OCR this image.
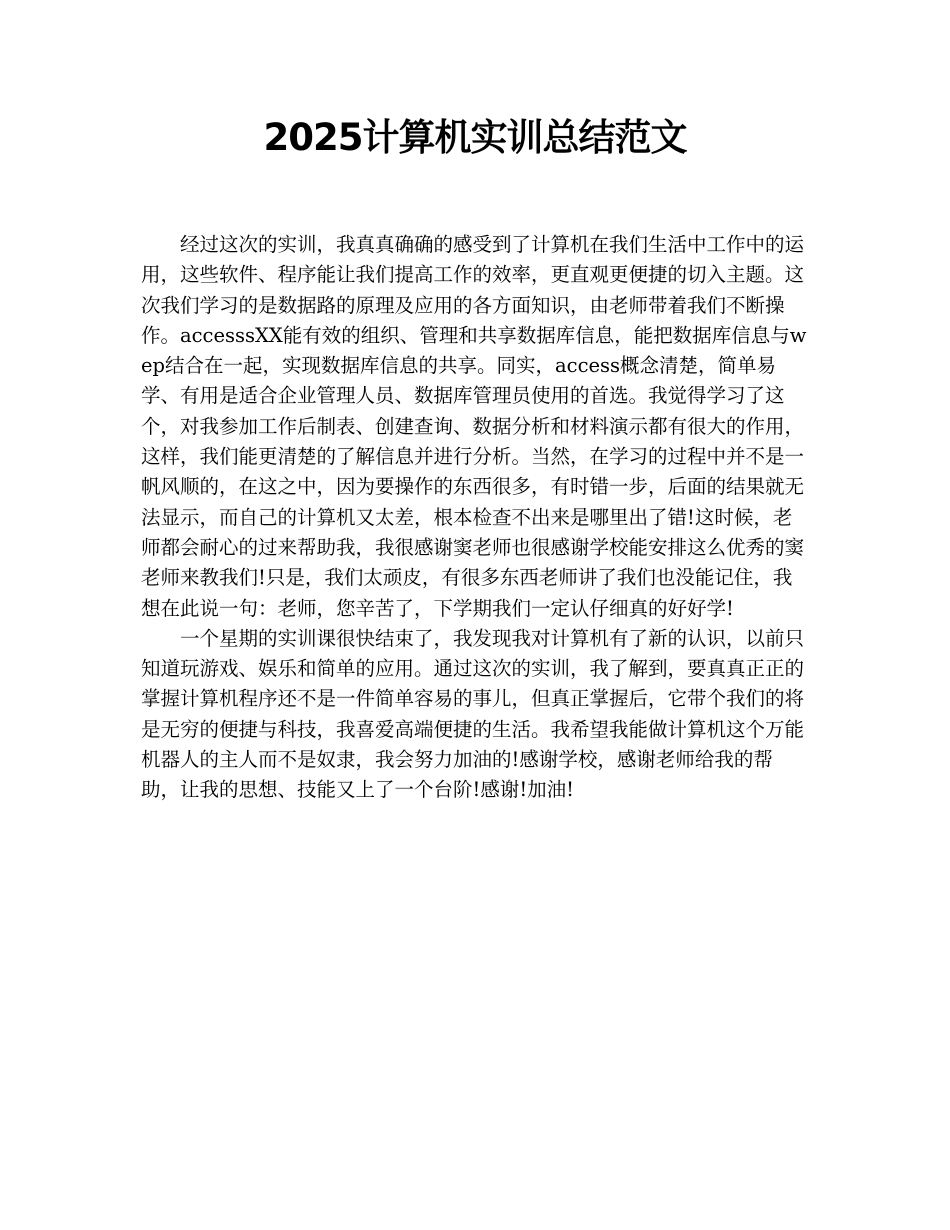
2025计算机实训总结范文

经过这次的实训，我真真确确的感受到了计算机在我们生活中工作中的运用，这些软件、程序能让我们提高工作的效率，更直观更便捷的切入主题。这次我们学习的是数据路的原理及应用的各方面知识，由老师带着我们不断操作。accesssXX能有效的组织、管理和共享数据库信息，能把数据库信息与wep结合在一起，实现数据库信息的共享。同实，access概念清楚，简单易学、有用是适合企业管理人员、数据库管理员使用的首选。我觉得学习了这个，对我参加工作后制表、创建查询、数据分析和材料演示都有很大的作用，这样，我们能更清楚的了解信息并进行分析。当然，在学习的过程中并不是一帆风顺的，在这之中，因为要操作的东西很多，有时错一步，后面的结果就无法显示，而自己的计算机又太差，根本检查不出来是哪里出了错!这时候，老师都会耐心的过来帮助我，我很感谢窦老师也很感谢学校能安排这么优秀的窦老师来教我们!只是，我们太顽皮，有很多东西老师讲了我们也没能记住，我想在此说一句：老师，您辛苦了，下学期我们一定认仔细真的好好学!

一个星期的实训课很快结束了，我发现我对计算机有了新的认识，以前只知道玩游戏、娱乐和简单的应用。通过这次的实训，我了解到，要真真正正的掌握计算机程序还不是一件简单容易的事儿，但真正掌握后，它带个我们的将是无穷的便捷与科技，我喜爱高端便捷的生活。我希望我能做计算机这个万能机器人的主人而不是奴隶，我会努力加油的!感谢学校，感谢老师给我的帮助，让我的思想、技能又上了一个台阶!感谢!加油!
